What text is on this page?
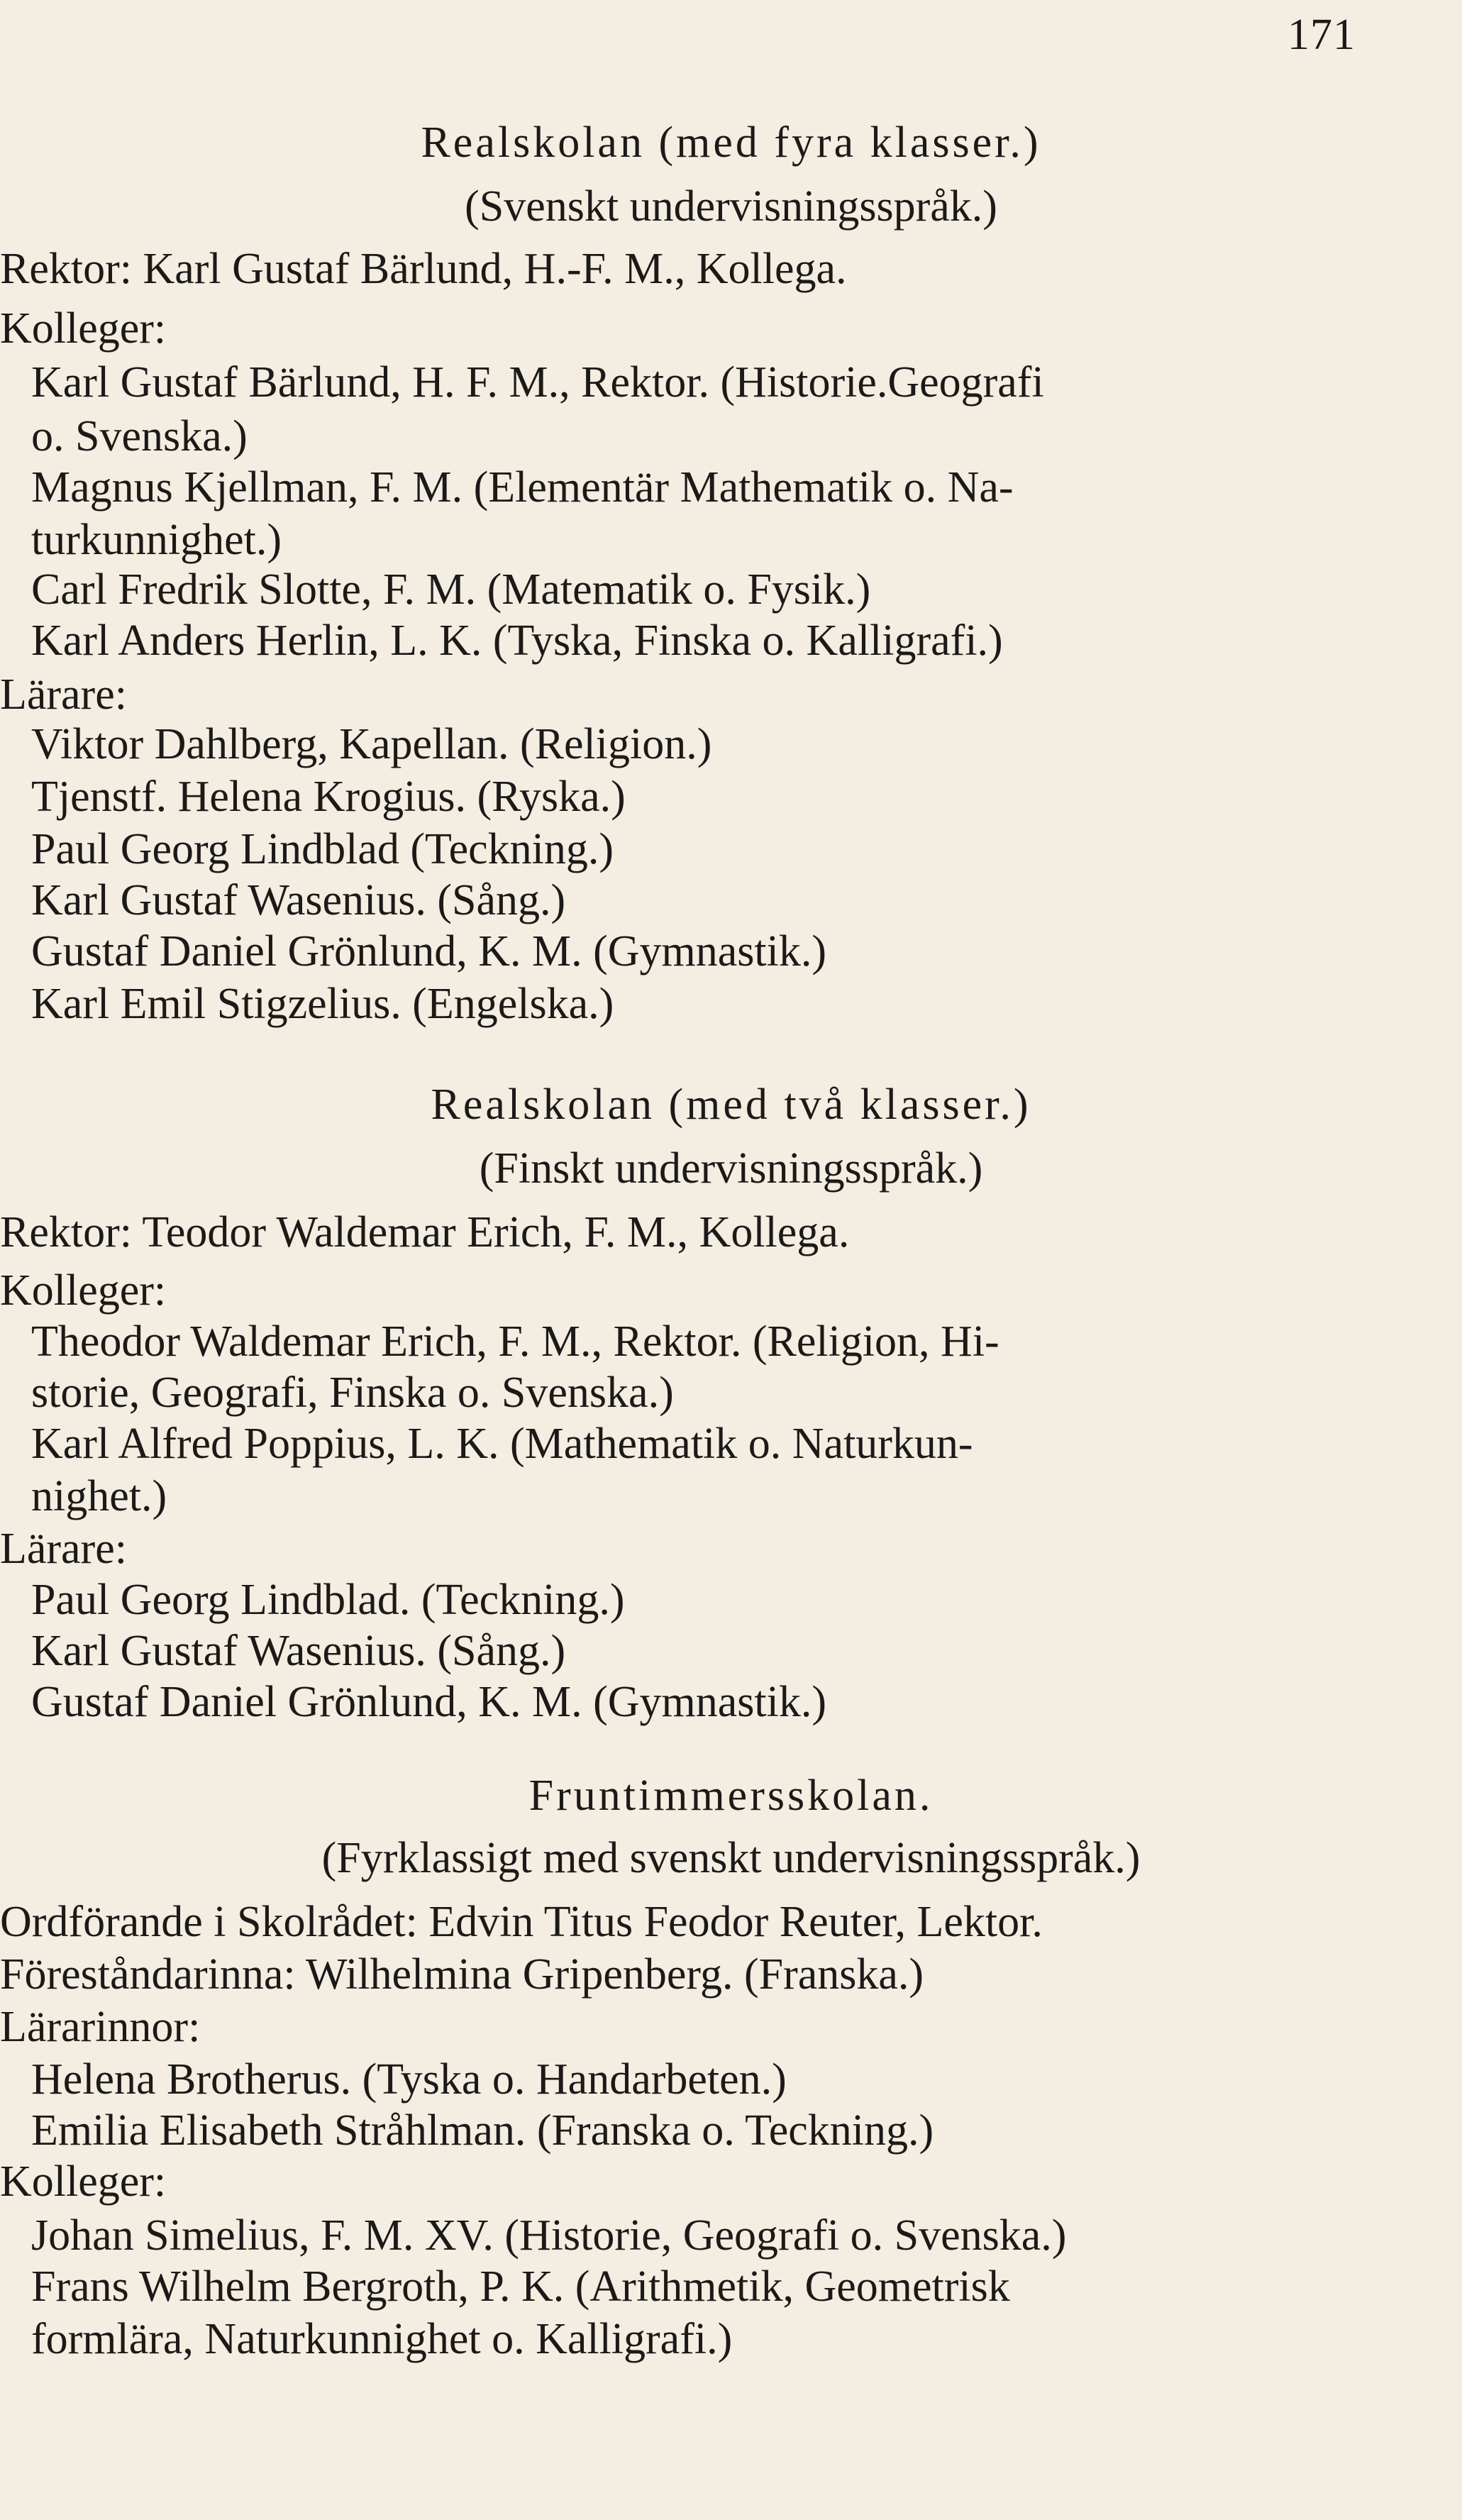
171
Realskolan (med fyra klasser.)
(Svenskt undervisningsspråk.)
Rektor: Karl Gustaf Bärlund, H.-F. M., Kollega.
Kolleger:
Karl Gustaf Bärlund, H. F. M., Rektor. (Historie.Geografi
o. Svenska.)
Magnus Kjellman, F. M. (Elementär Mathematik o. Na-
turkunnighet.)
Carl Fredrik Slotte, F. M. (Matematik o. Fysik.)
Karl Anders Herlin, L. K. (Tyska, Finska o. Kalligrafi.)
Lärare:
Viktor Dahlberg, Kapellan. (Religion.)
Tjenstf. Helena Krogius. (Ryska.)
Paul Georg Lindblad (Teckning.)
Karl Gustaf Wasenius. (Sång.)
Gustaf Daniel Grönlund, K. M. (Gymnastik.)
Karl Emil Stigzelius. (Engelska.)
Realskolan (med två klasser.)
(Finskt undervisningsspråk.)
Rektor: Teodor Waldemar Erich, F. M., Kollega.
Kolleger:
Theodor Waldemar Erich, F. M., Rektor. (Religion, Hi-
storie, Geografi, Finska o. Svenska.)
Karl Alfred Poppius, L. K. (Mathematik o. Naturkun-
nighet.)
Lärare:
Paul Georg Lindblad. (Teckning.)
Karl Gustaf Wasenius. (Sång.)
Gustaf Daniel Grönlund, K. M. (Gymnastik.)
Fruntimmersskolan.
(Fyrklassigt med svenskt undervisningsspråk.)
Ordförande i Skolrådet: Edvin Titus Feodor Reuter, Lektor.
Föreståndarinna: Wilhelmina Gripenberg. (Franska.)
Lärarinnor:
Helena Brotherus. (Tyska o. Handarbeten.)
Emilia Elisabeth Stråhlman. (Franska o. Teckning.)
Kolleger:
Johan Simelius, F. M. XV. (Historie, Geografi o. Svenska.)
Frans Wilhelm Bergroth, P. K. (Arithmetik, Geometrisk
formlära, Naturkunnighet o. Kalligrafi.)
